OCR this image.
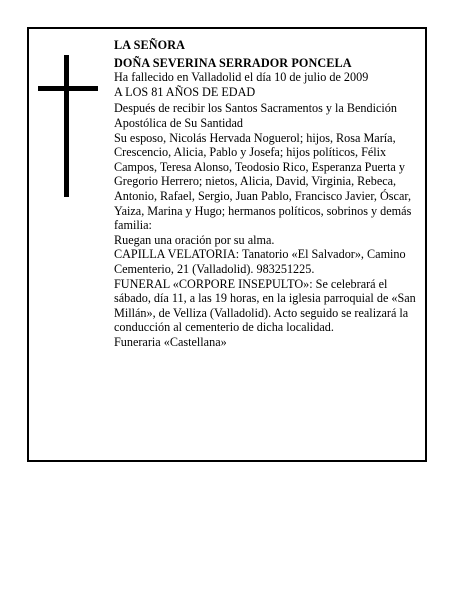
LA SEÑORA

DOÑA SEVERINA SERRADOR PONCELA

Ha fallecido en Valladolid el día 10 de julio de 2009

A LOS 81 AÑOS DE EDAD

Después de recibir los Santos Sacramentos y la Bendición Apostólica de Su Santidad

Su esposo, Nicolás Hervada Noguerol; hijos, Rosa María, Crescencio, Alicia, Pablo y Josefa; hijos políticos, Félix Campos, Teresa Alonso, Teodosio Rico, Esperanza Puerta y Gregorio Herrero; nietos, Alicia, David, Virginia, Rebeca, Antonio, Rafael, Sergio, Juan Pablo, Francisco Javier, Óscar, Yaiza, Marina y Hugo; hermanos políticos, sobrinos y demás familia:

Ruegan una oración por su alma.

CAPILLA VELATORIA: Tanatorio «El Salvador», Camino Cementerio, 21 (Valladolid). 983251225.

FUNERAL «CORPORE INSEPULTO»: Se celebrará el sábado, día 11, a las 19 horas, en la iglesia parroquial de «San Millán», de Velliza (Valladolid). Acto seguido se realizará la conducción al cementerio de dicha localidad.

Funeraria «Castellana»
